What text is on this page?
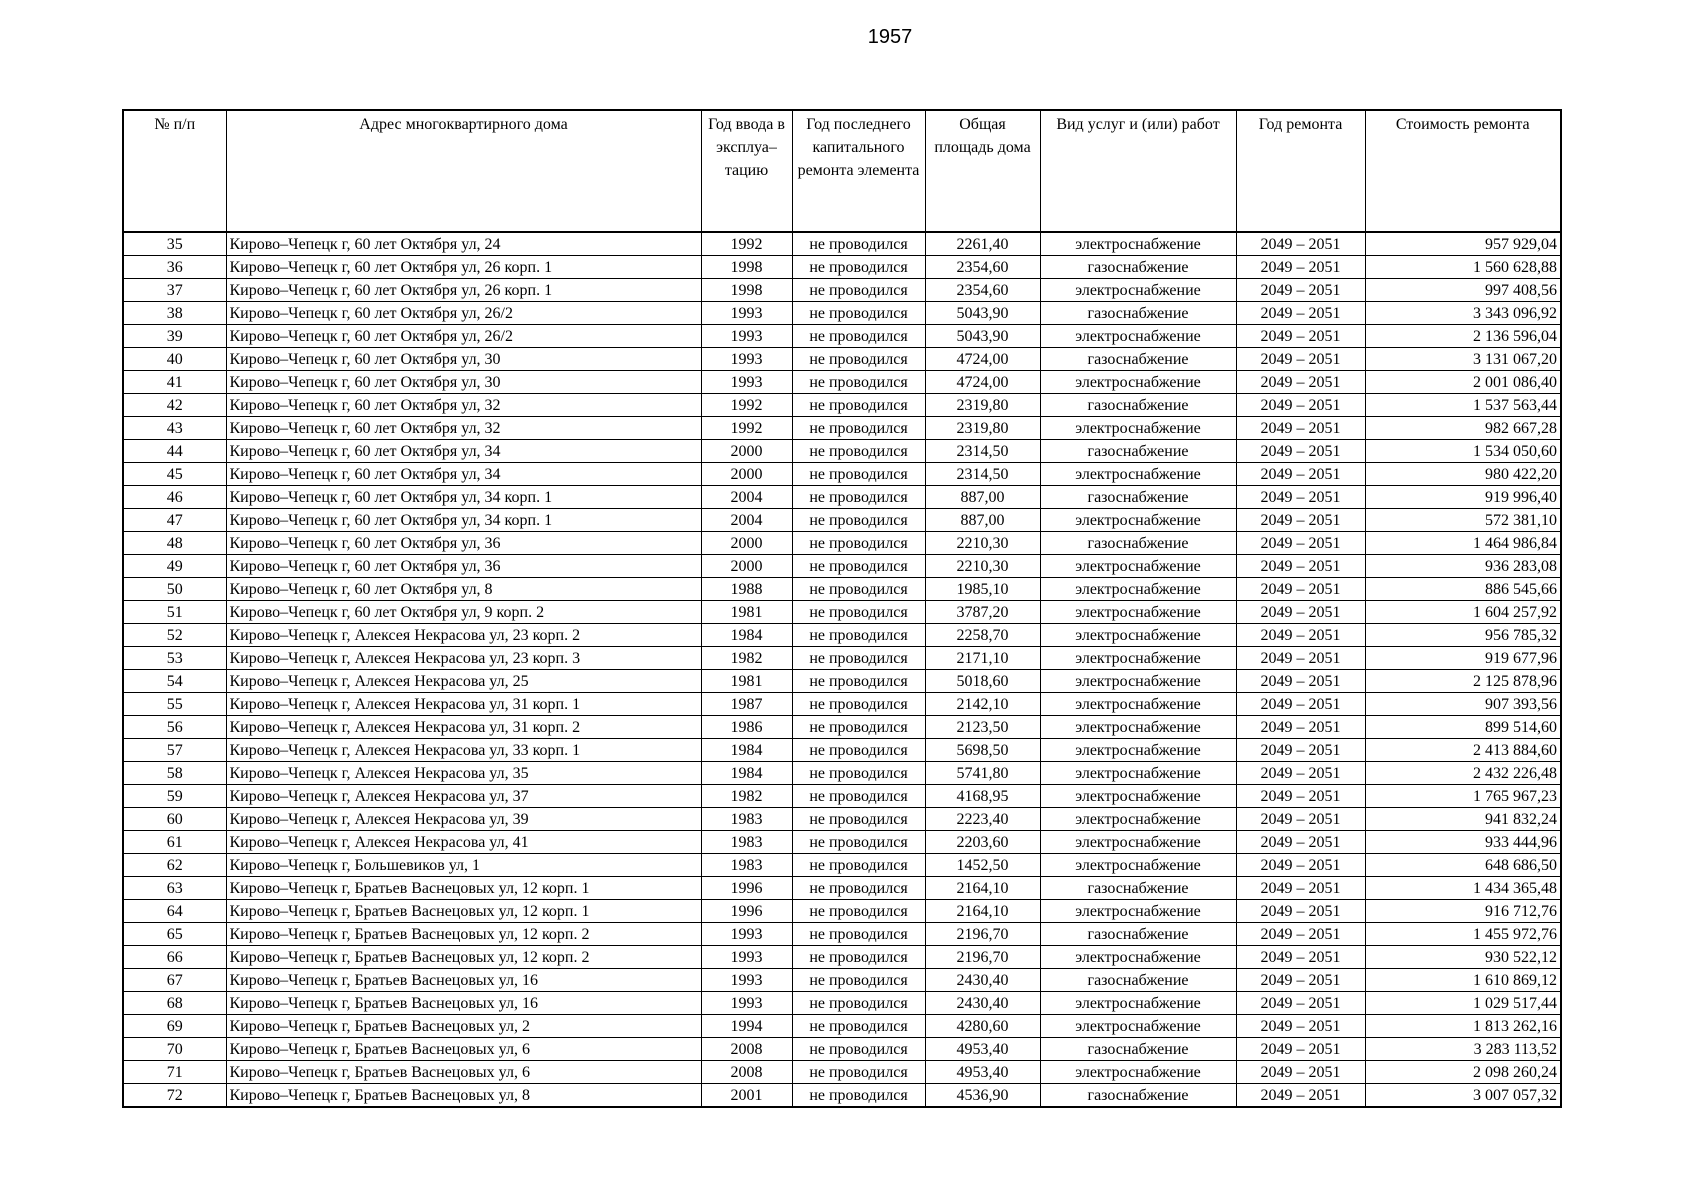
1957
№ п/п	Адрес многоквартирного дома	Год ввода в эксплуа–тацию	Год последнего капитального ремонта элемента	Общая площадь дома	Вид услуг и (или) работ	Год ремонта	Стоимость ремонта
35	Кирово–Чепецк г, 60 лет Октября ул, 24	1992	не проводился	2261,40	электроснабжение	2049 – 2051	957 929,04
36	Кирово–Чепецк г, 60 лет Октября ул, 26 корп. 1	1998	не проводился	2354,60	газоснабжение	2049 – 2051	1 560 628,88
37	Кирово–Чепецк г, 60 лет Октября ул, 26 корп. 1	1998	не проводился	2354,60	электроснабжение	2049 – 2051	997 408,56
38	Кирово–Чепецк г, 60 лет Октября ул, 26/2	1993	не проводился	5043,90	газоснабжение	2049 – 2051	3 343 096,92
39	Кирово–Чепецк г, 60 лет Октября ул, 26/2	1993	не проводился	5043,90	электроснабжение	2049 – 2051	2 136 596,04
40	Кирово–Чепецк г, 60 лет Октября ул, 30	1993	не проводился	4724,00	газоснабжение	2049 – 2051	3 131 067,20
41	Кирово–Чепецк г, 60 лет Октября ул, 30	1993	не проводился	4724,00	электроснабжение	2049 – 2051	2 001 086,40
42	Кирово–Чепецк г, 60 лет Октября ул, 32	1992	не проводился	2319,80	газоснабжение	2049 – 2051	1 537 563,44
43	Кирово–Чепецк г, 60 лет Октября ул, 32	1992	не проводился	2319,80	электроснабжение	2049 – 2051	982 667,28
44	Кирово–Чепецк г, 60 лет Октября ул, 34	2000	не проводился	2314,50	газоснабжение	2049 – 2051	1 534 050,60
45	Кирово–Чепецк г, 60 лет Октября ул, 34	2000	не проводился	2314,50	электроснабжение	2049 – 2051	980 422,20
46	Кирово–Чепецк г, 60 лет Октября ул, 34 корп. 1	2004	не проводился	887,00	газоснабжение	2049 – 2051	919 996,40
47	Кирово–Чепецк г, 60 лет Октября ул, 34 корп. 1	2004	не проводился	887,00	электроснабжение	2049 – 2051	572 381,10
48	Кирово–Чепецк г, 60 лет Октября ул, 36	2000	не проводился	2210,30	газоснабжение	2049 – 2051	1 464 986,84
49	Кирово–Чепецк г, 60 лет Октября ул, 36	2000	не проводился	2210,30	электроснабжение	2049 – 2051	936 283,08
50	Кирово–Чепецк г, 60 лет Октября ул, 8	1988	не проводился	1985,10	электроснабжение	2049 – 2051	886 545,66
51	Кирово–Чепецк г, 60 лет Октября ул, 9 корп. 2	1981	не проводился	3787,20	электроснабжение	2049 – 2051	1 604 257,92
52	Кирово–Чепецк г, Алексея Некрасова ул, 23 корп. 2	1984	не проводился	2258,70	электроснабжение	2049 – 2051	956 785,32
53	Кирово–Чепецк г, Алексея Некрасова ул, 23 корп. 3	1982	не проводился	2171,10	электроснабжение	2049 – 2051	919 677,96
54	Кирово–Чепецк г, Алексея Некрасова ул, 25	1981	не проводился	5018,60	электроснабжение	2049 – 2051	2 125 878,96
55	Кирово–Чепецк г, Алексея Некрасова ул, 31 корп. 1	1987	не проводился	2142,10	электроснабжение	2049 – 2051	907 393,56
56	Кирово–Чепецк г, Алексея Некрасова ул, 31 корп. 2	1986	не проводился	2123,50	электроснабжение	2049 – 2051	899 514,60
57	Кирово–Чепецк г, Алексея Некрасова ул, 33 корп. 1	1984	не проводился	5698,50	электроснабжение	2049 – 2051	2 413 884,60
58	Кирово–Чепецк г, Алексея Некрасова ул, 35	1984	не проводился	5741,80	электроснабжение	2049 – 2051	2 432 226,48
59	Кирово–Чепецк г, Алексея Некрасова ул, 37	1982	не проводился	4168,95	электроснабжение	2049 – 2051	1 765 967,23
60	Кирово–Чепецк г, Алексея Некрасова ул, 39	1983	не проводился	2223,40	электроснабжение	2049 – 2051	941 832,24
61	Кирово–Чепецк г, Алексея Некрасова ул, 41	1983	не проводился	2203,60	электроснабжение	2049 – 2051	933 444,96
62	Кирово–Чепецк г, Большевиков ул, 1	1983	не проводился	1452,50	электроснабжение	2049 – 2051	648 686,50
63	Кирово–Чепецк г, Братьев Васнецовых ул, 12 корп. 1	1996	не проводился	2164,10	газоснабжение	2049 – 2051	1 434 365,48
64	Кирово–Чепецк г, Братьев Васнецовых ул, 12 корп. 1	1996	не проводился	2164,10	электроснабжение	2049 – 2051	916 712,76
65	Кирово–Чепецк г, Братьев Васнецовых ул, 12 корп. 2	1993	не проводился	2196,70	газоснабжение	2049 – 2051	1 455 972,76
66	Кирово–Чепецк г, Братьев Васнецовых ул, 12 корп. 2	1993	не проводился	2196,70	электроснабжение	2049 – 2051	930 522,12
67	Кирово–Чепецк г, Братьев Васнецовых ул, 16	1993	не проводился	2430,40	газоснабжение	2049 – 2051	1 610 869,12
68	Кирово–Чепецк г, Братьев Васнецовых ул, 16	1993	не проводился	2430,40	электроснабжение	2049 – 2051	1 029 517,44
69	Кирово–Чепецк г, Братьев Васнецовых ул, 2	1994	не проводился	4280,60	электроснабжение	2049 – 2051	1 813 262,16
70	Кирово–Чепецк г, Братьев Васнецовых ул, 6	2008	не проводился	4953,40	газоснабжение	2049 – 2051	3 283 113,52
71	Кирово–Чепецк г, Братьев Васнецовых ул, 6	2008	не проводился	4953,40	электроснабжение	2049 – 2051	2 098 260,24
72	Кирово–Чепецк г, Братьев Васнецовых ул, 8	2001	не проводился	4536,90	газоснабжение	2049 – 2051	3 007 057,32
